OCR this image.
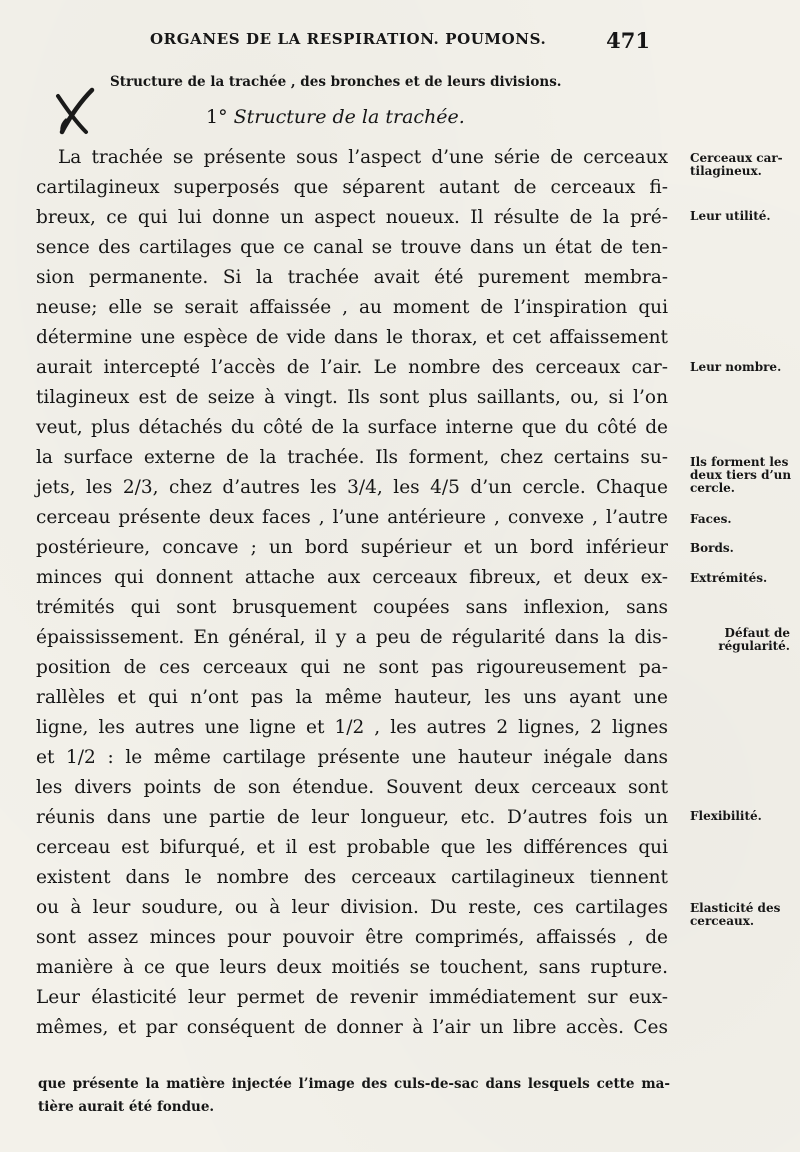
ORGANES DE LA RESPIRATION. POUMONS.	471
Structure de la trachée , des bronches et de leurs divisions.
1° Structure de la trachée.
La trachée se présente sous l’aspect d’une série de cerceaux
cartilagineux superposés que séparent autant de cerceaux fi-
breux, ce qui lui donne un aspect noueux. Il résulte de la pré-
sence des cartilages que ce canal se trouve dans un état de ten-
sion permanente. Si la trachée avait été purement membra-
neuse; elle se serait affaissée , au moment de l’inspiration qui
détermine une espèce de vide dans le thorax, et cet affaissement
aurait intercepté l’accès de l’air. Le nombre des cerceaux car-
tilagineux est de seize à vingt. Ils sont plus saillants, ou, si l’on
veut, plus détachés du côté de la surface interne que du côté de
la surface externe de la trachée. Ils forment, chez certains su-
jets, les 2/3, chez d’autres les 3/4, les 4/5 d’un cercle. Chaque
cerceau présente deux faces , l’une antérieure , convexe , l’autre
postérieure, concave ; un bord supérieur et un bord inférieur
minces qui donnent attache aux cerceaux fibreux, et deux ex-
trémités qui sont brusquement coupées sans inflexion, sans
épaississement. En général, il y a peu de régularité dans la dis-
position de ces cerceaux qui ne sont pas rigoureusement pa-
rallèles et qui n’ont pas la même hauteur, les uns ayant une
ligne, les autres une ligne et 1/2 , les autres 2 lignes, 2 lignes
et 1/2 : le même cartilage présente une hauteur inégale dans
les divers points de son étendue. Souvent deux cerceaux sont
réunis dans une partie de leur longueur, etc. D’autres fois un
cerceau est bifurqué, et il est probable que les différences qui
existent dans le nombre des cerceaux cartilagineux tiennent
ou à leur soudure, ou à leur division. Du reste, ces cartilages
sont assez minces pour pouvoir être comprimés, affaissés , de
manière à ce que leurs deux moitiés se touchent, sans rupture.
Leur élasticité leur permet de revenir immédiatement sur eux-
mêmes, et par conséquent de donner à l’air un libre accès. Ces
Cerceaux car- tilagineux.
Leur utilité.
Leur nombre.
Ils forment les deux tiers d’un cercle.
Faces.
Bords.
Extrémités.
Défaut de régularité.
Flexibilité.
Elasticité des cerceaux.
que présente la matière injectée l’image des culs-de-sac dans lesquels cette ma-
tière aurait été fondue.
